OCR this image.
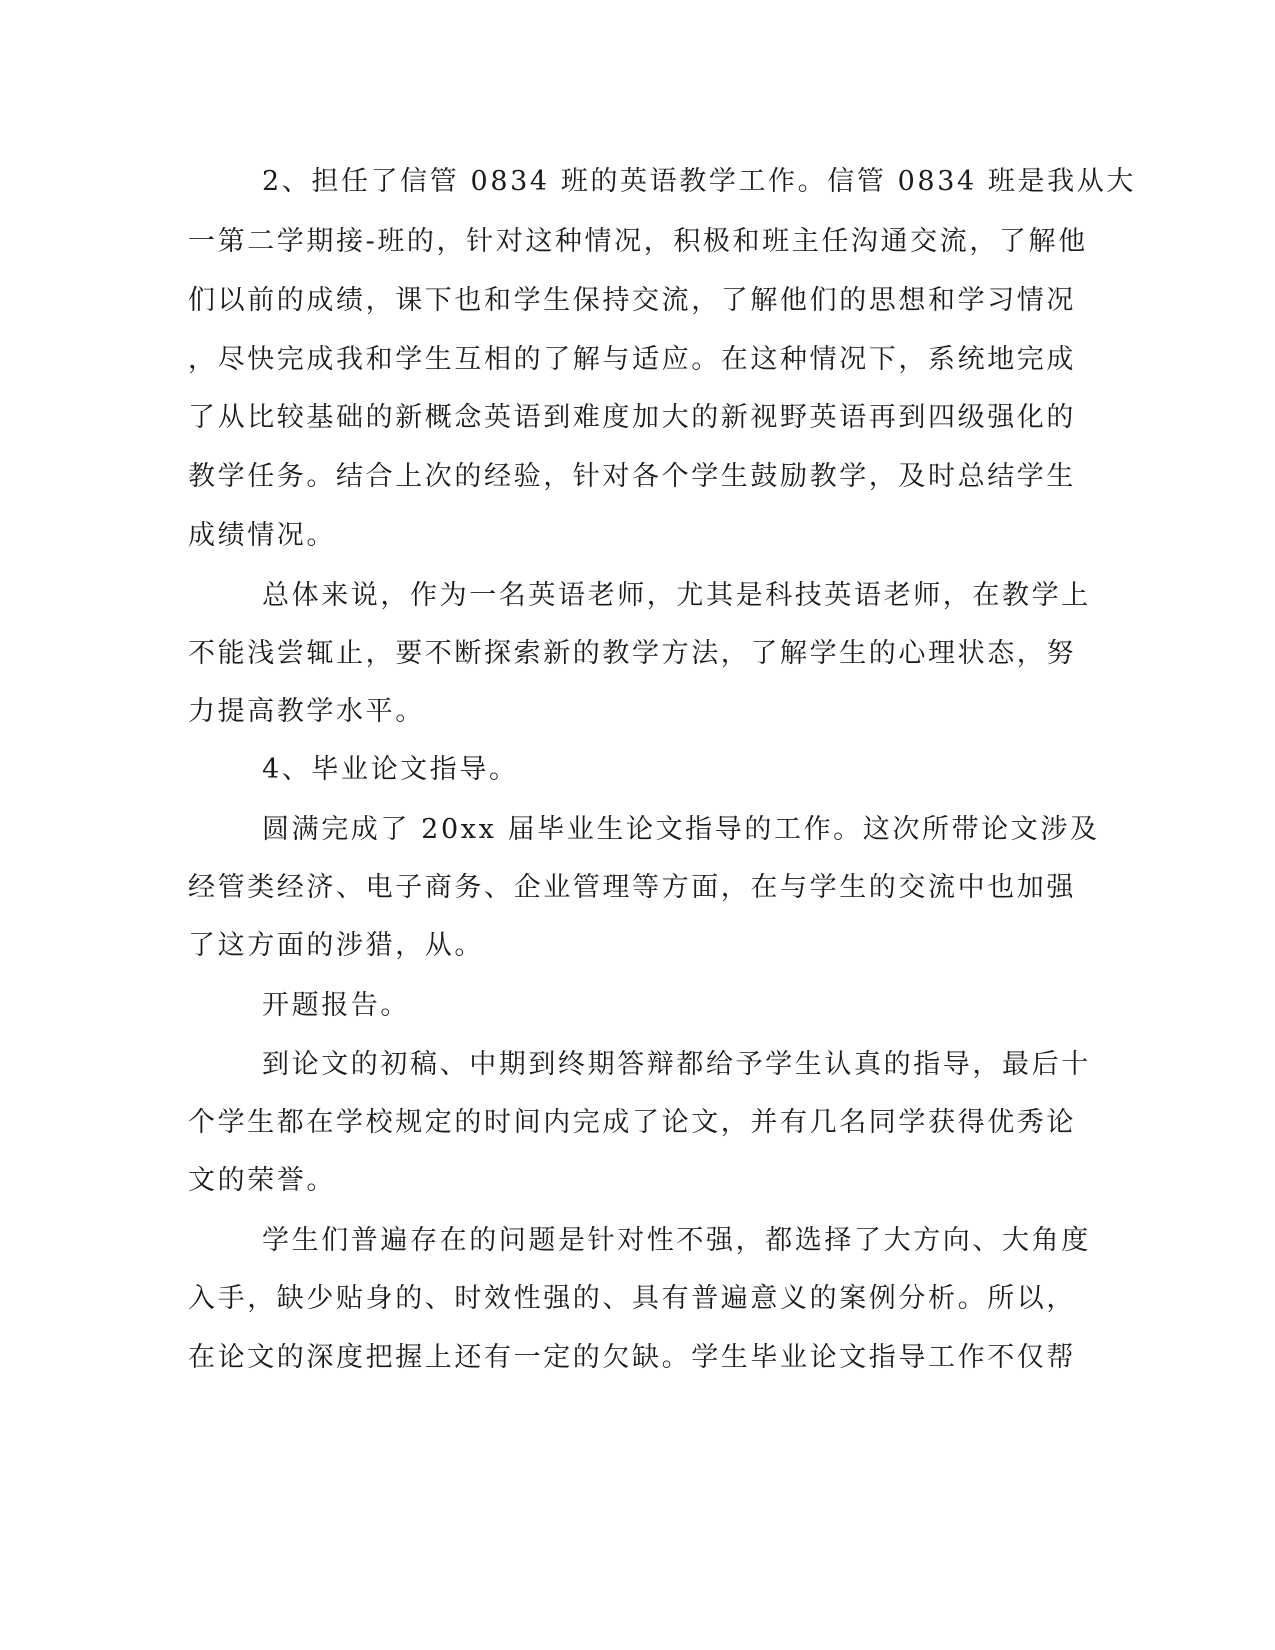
2、担任了信管 0834 班的英语教学工作。信管 0834 班是我从大
一第二学期接-班的，针对这种情况，积极和班主任沟通交流，了解他
们以前的成绩，课下也和学生保持交流，了解他们的思想和学习情况
，尽快完成我和学生互相的了解与适应。在这种情况下，系统地完成
了从比较基础的新概念英语到难度加大的新视野英语再到四级强化的
教学任务。结合上次的经验，针对各个学生鼓励教学，及时总结学生
成绩情况。
总体来说，作为一名英语老师，尤其是科技英语老师，在教学上
不能浅尝辄止，要不断探索新的教学方法，了解学生的心理状态，努
力提高教学水平。
4、毕业论文指导。
圆满完成了 20xx 届毕业生论文指导的工作。这次所带论文涉及
经管类经济、电子商务、企业管理等方面，在与学生的交流中也加强
了这方面的涉猎，从。
开题报告。
到论文的初稿、中期到终期答辩都给予学生认真的指导，最后十
个学生都在学校规定的时间内完成了论文，并有几名同学获得优秀论
文的荣誉。
学生们普遍存在的问题是针对性不强，都选择了大方向、大角度
入手，缺少贴身的、时效性强的、具有普遍意义的案例分析。所以，
在论文的深度把握上还有一定的欠缺。学生毕业论文指导工作不仅帮
